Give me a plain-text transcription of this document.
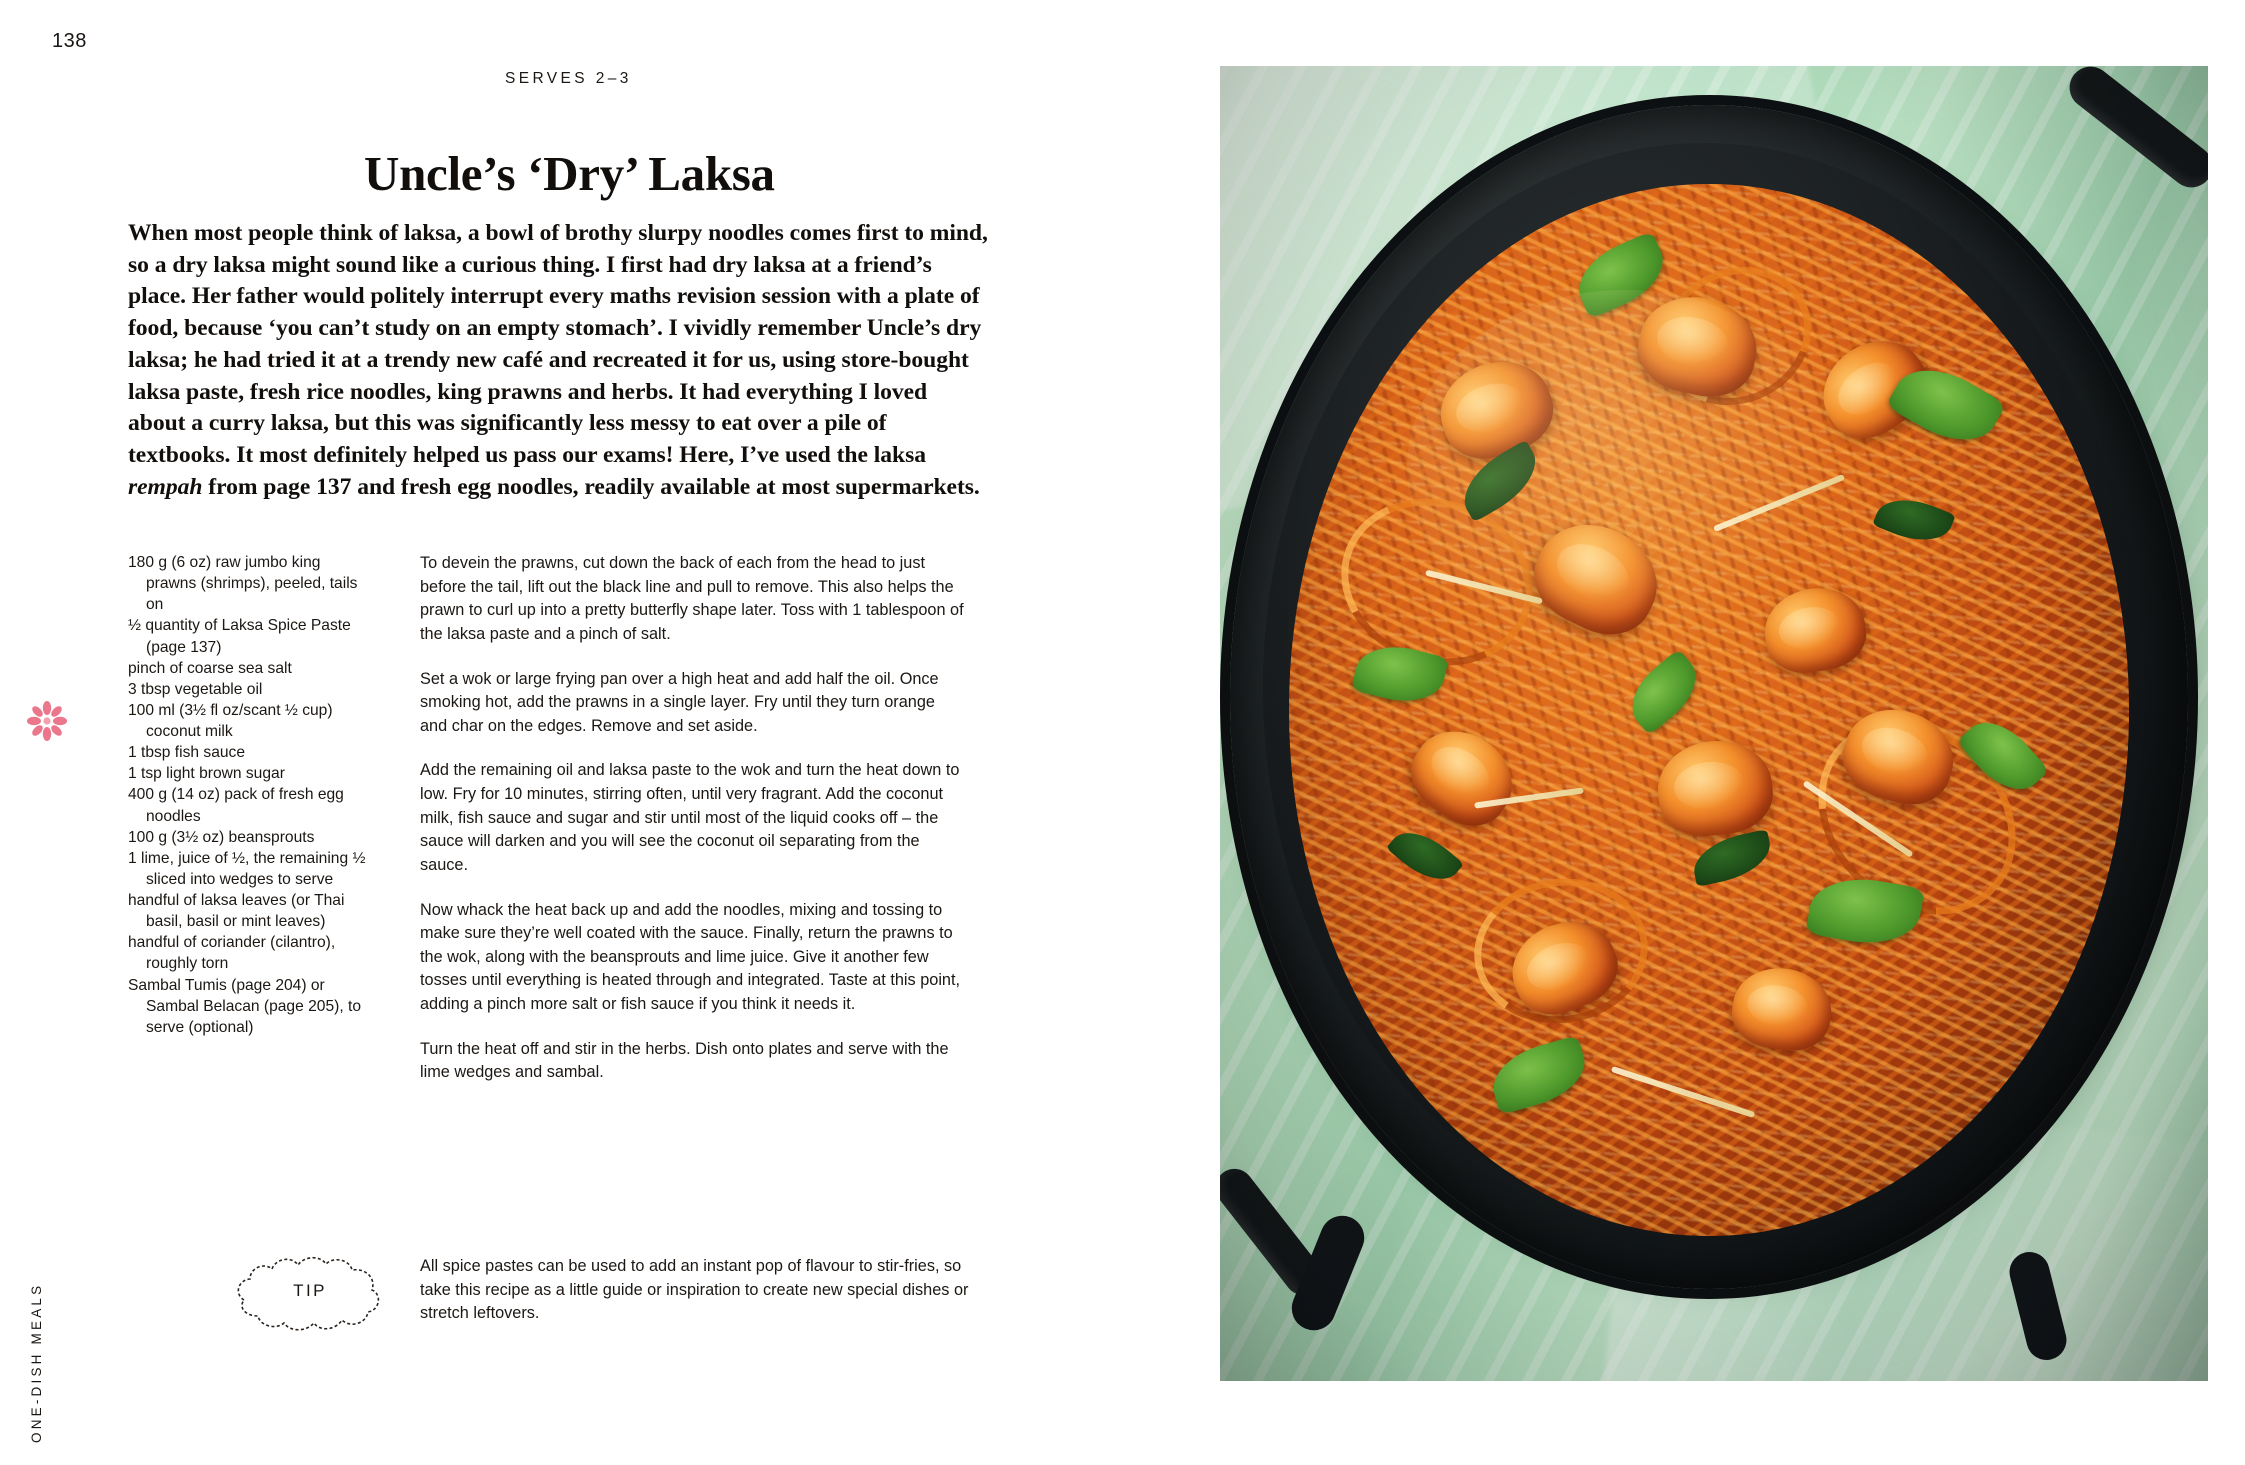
138
ONE-DISH MEALS
SERVES 2–3
Uncle’s ‘Dry’ Laksa
When most people think of laksa, a bowl of brothy slurpy noodles comes first to mind, so a dry laksa might sound like a curious thing. I first had dry laksa at a friend’s place. Her father would politely interrupt every maths revision session with a plate of food, because ‘you can’t study on an empty stomach’. I vividly remember Uncle’s dry laksa; he had tried it at a trendy new café and recreated it for us, using store-bought laksa paste, fresh rice noodles, king prawns and herbs. It had everything I loved about a curry laksa, but this was significantly less messy to eat over a pile of textbooks. It most definitely helped us pass our exams! Here, I’ve used the laksa rempah from page 137 and fresh egg noodles, readily available at most supermarkets.
180 g (6 oz) raw jumbo king prawns (shrimps), peeled, tails on
½ quantity of Laksa Spice Paste (page 137)
pinch of coarse sea salt
3 tbsp vegetable oil
100 ml (3½ fl oz/scant ½ cup) coconut milk
1 tbsp fish sauce
1 tsp light brown sugar
400 g (14 oz) pack of fresh egg noodles
100 g (3½ oz) beansprouts
1 lime, juice of ½, the remaining ½ sliced into wedges to serve
handful of laksa leaves (or Thai basil, basil or mint leaves)
handful of coriander (cilantro), roughly torn
Sambal Tumis (page 204) or Sambal Belacan (page 205), to serve (optional)

To devein the prawns, cut down the back of each from the head to just before the tail, lift out the black line and pull to remove. This also helps the prawn to curl up into a pretty butterfly shape later. Toss with 1 tablespoon of the laksa paste and a pinch of salt.

Set a wok or large frying pan over a high heat and add half the oil. Once smoking hot, add the prawns in a single layer. Fry until they turn orange and char on the edges. Remove and set aside.

Add the remaining oil and laksa paste to the wok and turn the heat down to low. Fry for 10 minutes, stirring often, until very fragrant. Add the coconut milk, fish sauce and sugar and stir until most of the liquid cooks off – the sauce will darken and you will see the coconut oil separating from the sauce.

Now whack the heat back up and add the noodles, mixing and tossing to make sure they’re well coated with the sauce. Finally, return the prawns to the wok, along with the beansprouts and lime juice. Give it another few tosses until everything is heated through and integrated. Taste at this point, adding a pinch more salt or fish sauce if you think it needs it.

Turn the heat off and stir in the herbs. Dish onto plates and serve with the lime wedges and sambal.

TIP
All spice pastes can be used to add an instant pop of flavour to stir-fries, so take this recipe as a little guide or inspiration to create new special dishes or stretch leftovers.
